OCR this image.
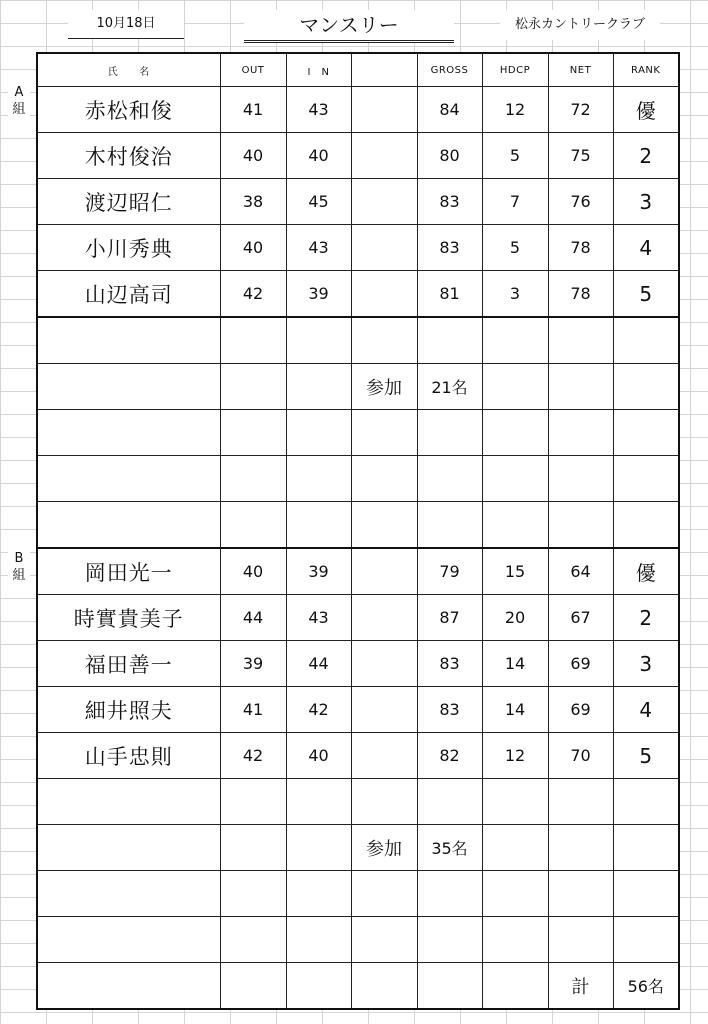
10月18日	マンスリー	松永カントリークラブ
A
組
B
組
氏　　名	OUT	I　N		GROSS	HDCP	NET	RANK
赤松和俊	41	43		84	12	72	優
木村俊治	40	40		80	5	75	2
渡辺昭仁	38	45		83	7	76	3
小川秀典	40	43		83	5	78	4
山辺高司	42	39		81	3	78	5

			参加	21名			

岡田光一	40	39		79	15	64	優
時實貴美子	44	43		87	20	67	2
福田善一	39	44		83	14	69	3
細井照夫	41	42		83	14	69	4
山手忠則	42	40		82	12	70	5

			参加	35名			

						計	56名
